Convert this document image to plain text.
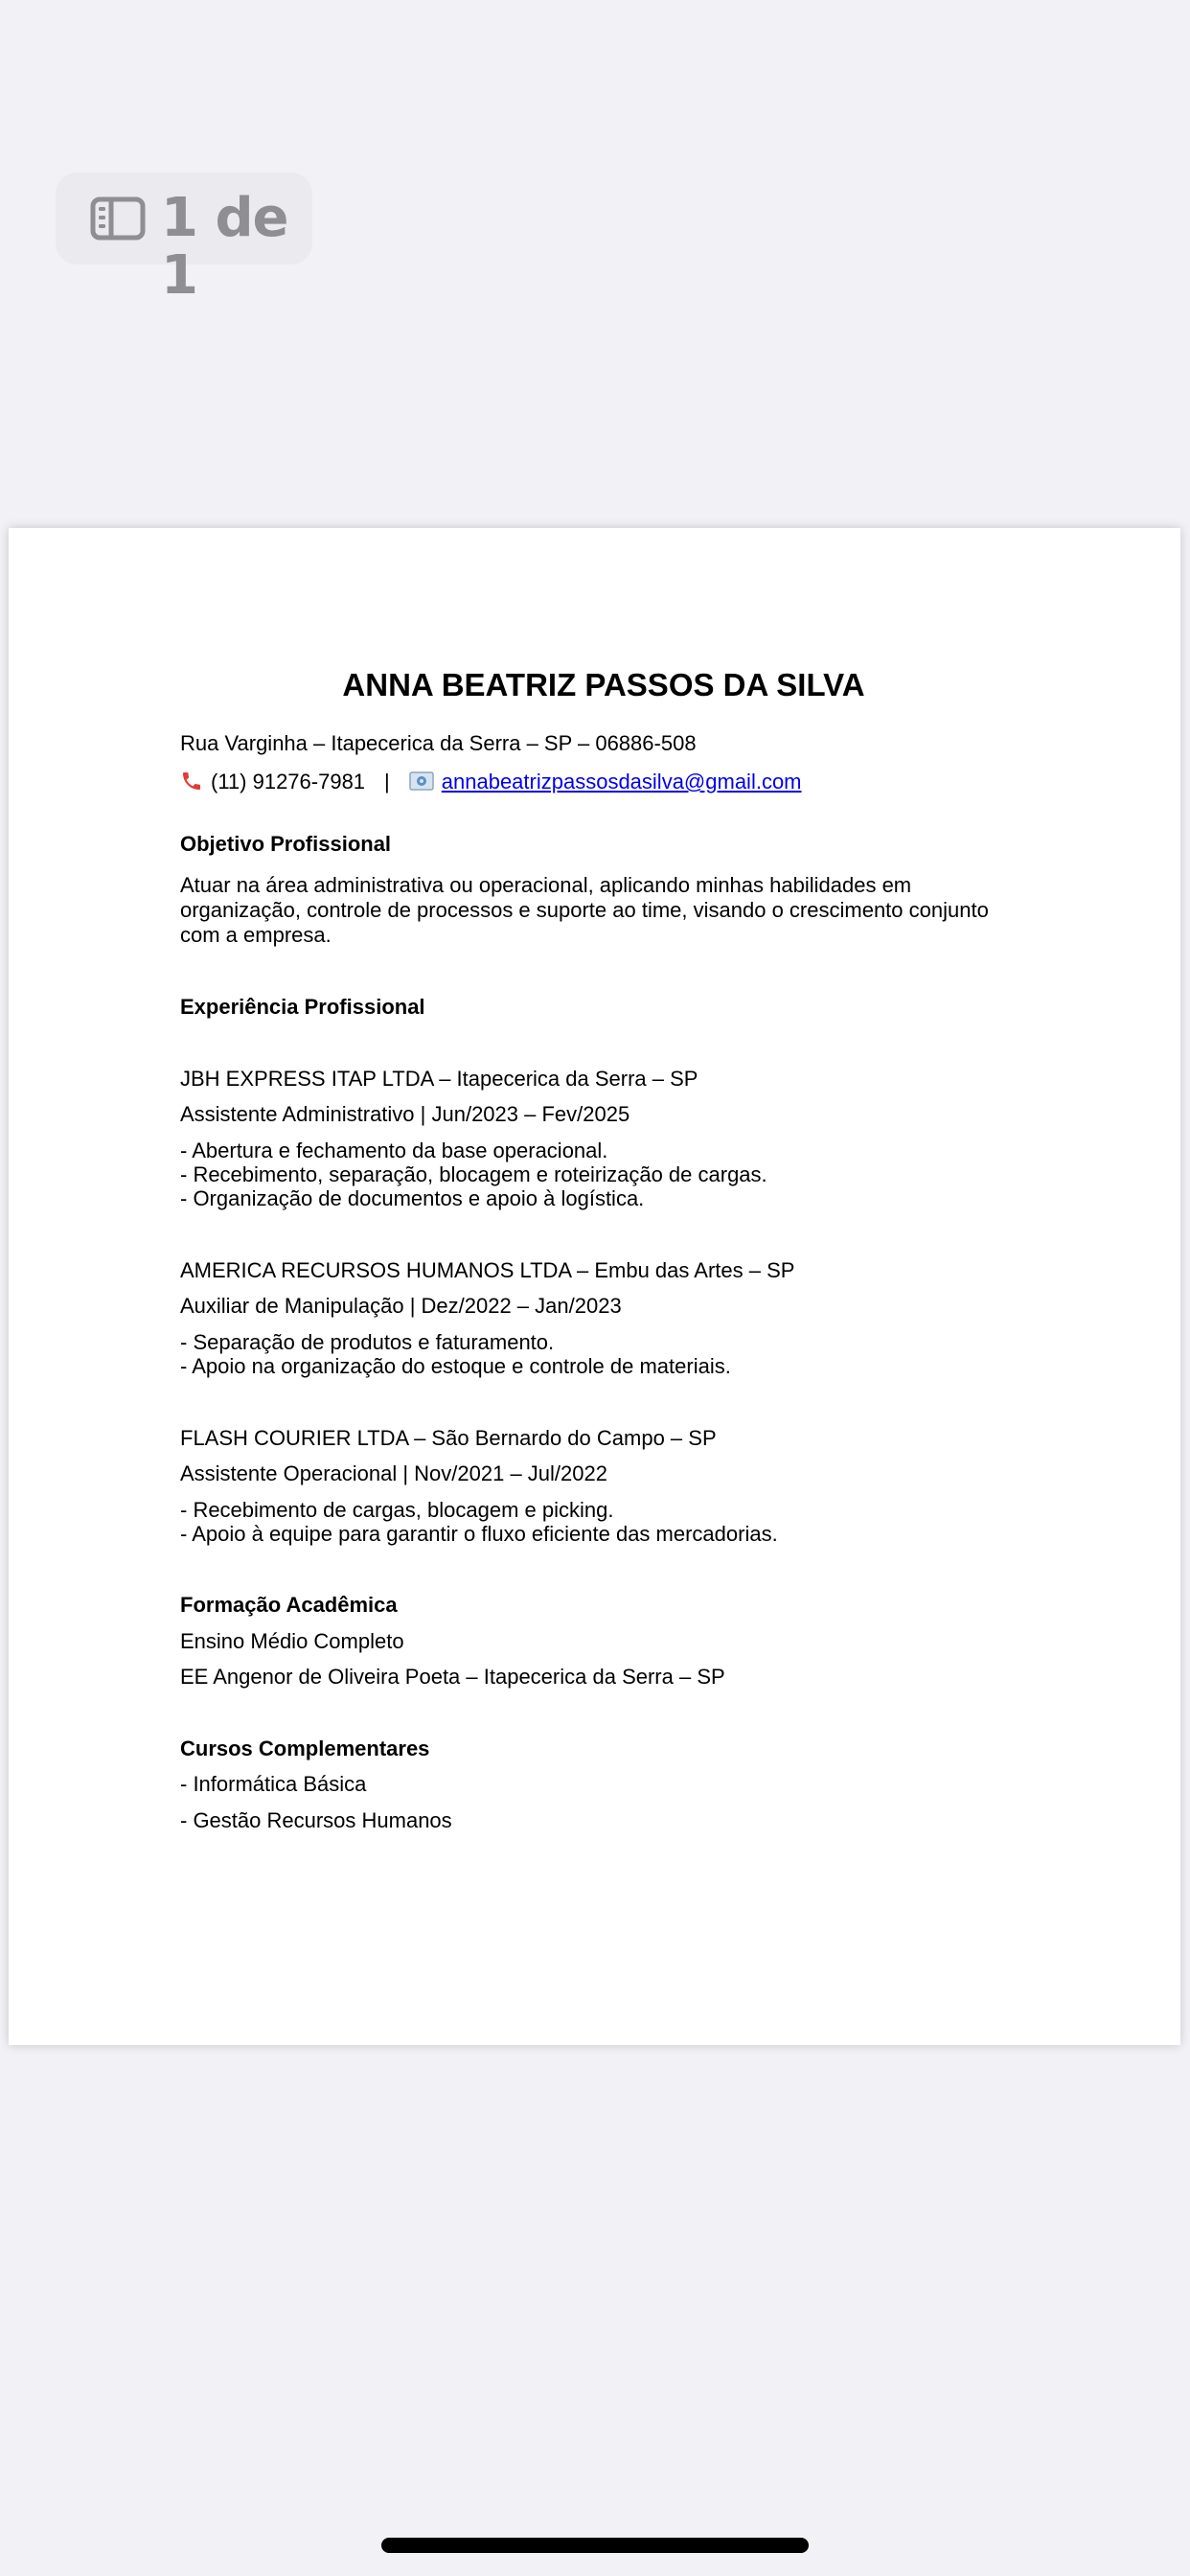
1 de 1
ANNA BEATRIZ PASSOS DA SILVA
Rua Varginha – Itapecerica da Serra – SP – 06886-508
(11) 91276-7981 | annabeatrizpassosdasilva@gmail.com
Objetivo Profissional
Atuar na área administrativa ou operacional, aplicando minhas habilidades em
organização, controle de processos e suporte ao time, visando o crescimento conjunto
com a empresa.
Experiência Profissional
JBH EXPRESS ITAP LTDA – Itapecerica da Serra – SP
Assistente Administrativo | Jun/2023 – Fev/2025
- Abertura e fechamento da base operacional.
- Recebimento, separação, blocagem e roteirização de cargas.
- Organização de documentos e apoio à logística.
AMERICA RECURSOS HUMANOS LTDA – Embu das Artes – SP
Auxiliar de Manipulação | Dez/2022 – Jan/2023
- Separação de produtos e faturamento.
- Apoio na organização do estoque e controle de materiais.
FLASH COURIER LTDA – São Bernardo do Campo – SP
Assistente Operacional | Nov/2021 – Jul/2022
- Recebimento de cargas, blocagem e picking.
- Apoio à equipe para garantir o fluxo eficiente das mercadorias.
Formação Acadêmica
Ensino Médio Completo
EE Angenor de Oliveira Poeta – Itapecerica da Serra – SP
Cursos Complementares
- Informática Básica
- Gestão Recursos Humanos
